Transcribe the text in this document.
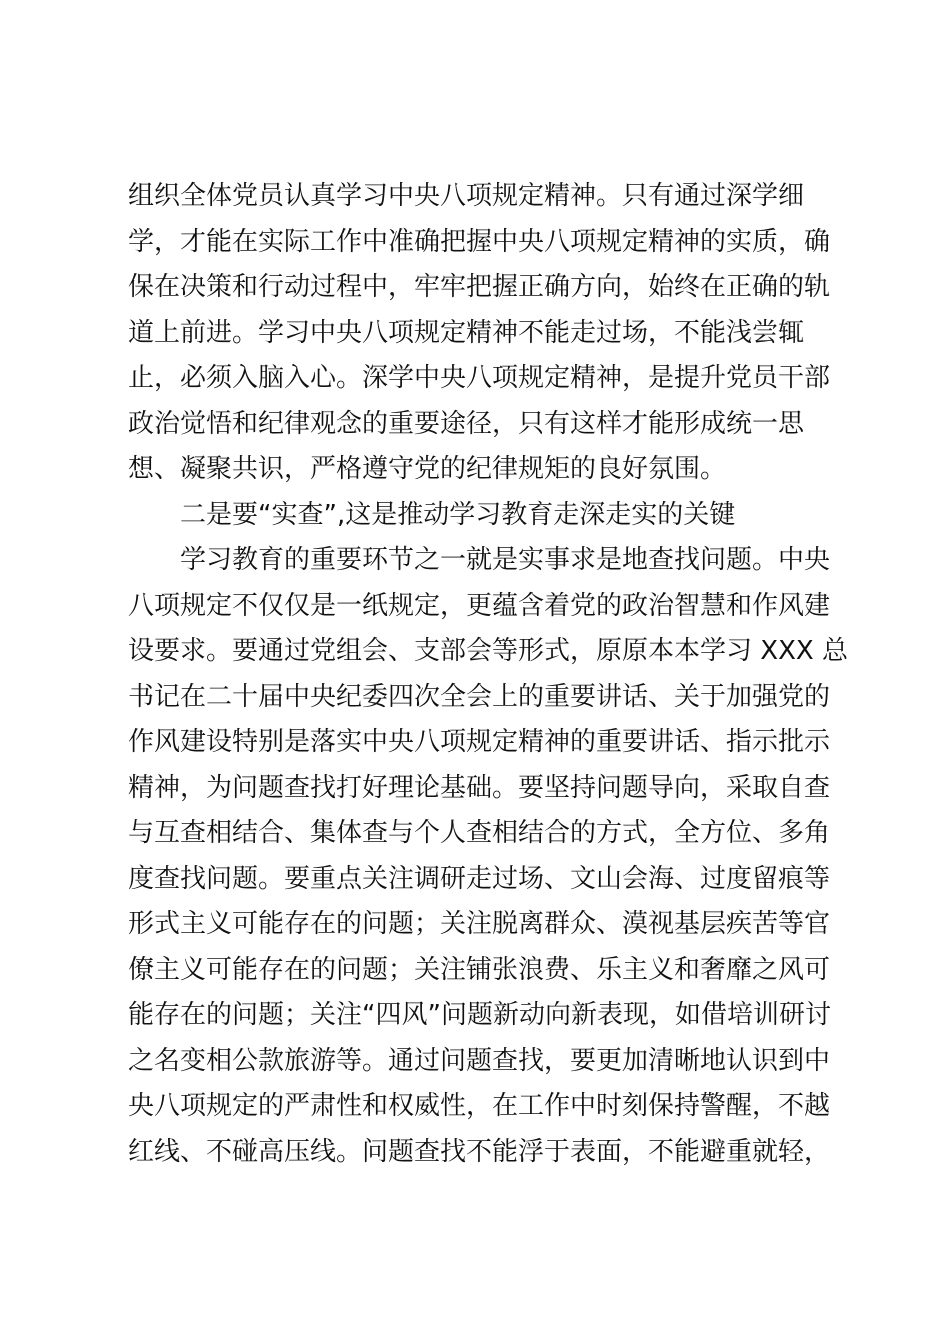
组织全体党员认真学习中央八项规定精神。只有通过深学细
学，才能在实际工作中准确把握中央八项规定精神的实质，确
保在决策和行动过程中，牢牢把握正确方向，始终在正确的轨
道上前进。学习中央八项规定精神不能走过场，不能浅尝辄
止，必须入脑入心。深学中央八项规定精神，是提升党员干部
政治觉悟和纪律观念的重要途径，只有这样才能形成统一思
想、凝聚共识，严格遵守党的纪律规矩的良好氛围。
二是要“实查”,这是推动学习教育走深走实的关键
学习教育的重要环节之一就是实事求是地查找问题。中央
八项规定不仅仅是一纸规定，更蕴含着党的政治智慧和作风建
设要求。要通过党组会、支部会等形式，原原本本学习 XXX 总
书记在二十届中央纪委四次全会上的重要讲话、关于加强党的
作风建设特别是落实中央八项规定精神的重要讲话、指示批示
精神，为问题查找打好理论基础。要坚持问题导向，采取自查
与互查相结合、集体查与个人查相结合的方式，全方位、多角
度查找问题。要重点关注调研走过场、文山会海、过度留痕等
形式主义可能存在的问题；关注脱离群众、漠视基层疾苦等官
僚主义可能存在的问题；关注铺张浪费、乐主义和奢靡之风可
能存在的问题；关注“四风”问题新动向新表现，如借培训研讨
之名变相公款旅游等。通过问题查找，要更加清晰地认识到中
央八项规定的严肃性和权威性，在工作中时刻保持警醒，不越
红线、不碰高压线。问题查找不能浮于表面，不能避重就轻，
